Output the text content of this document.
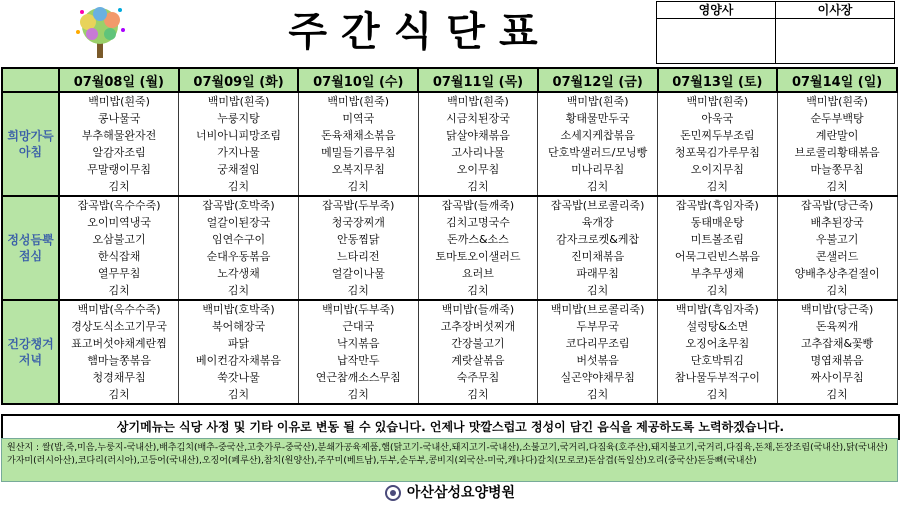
주간식단표	영양사	이사장

	07월08일 (월)	07월09일 (화)	07월10일 (수)	07월11일 (목)	07월12일 (금)	07월13일 (토)	07월14일 (일)
희망가득 아침	백미밥(흰죽)	백미밥(흰죽)	백미밥(흰죽)	백미밥(흰죽)	백미밥(흰죽)	백미밥(흰죽)	백미밥(흰죽)
	콩나물국	누룽지탕	미역국	시금치된장국	황태물만두국	아욱국	순두부백탕
	부추해물완자전	너비아니피망조림	돈육채채소볶음	닭살야채볶음	소세지케찹볶음	돈민찌두부조림	계란말이
	알감자조림	가지나물	메밀들기름무침	고사리나물	단호박샐러드/모닝빵	청포묵김가루무침	브로콜리황태볶음
	무말랭이무침	궁채절임	오복지무침	오이무침	미나리무침	오이지무침	마늘쫑무침
	김치	김치	김치	김치	김치	김치	김치
정성듬뿍 점심	잡곡밥(옥수수죽)	잡곡밥(호박죽)	잡곡밥(두부죽)	잡곡밥(들깨죽)	잡곡밥(브로콜리죽)	잡곡밥(흑임자죽)	잡곡밥(당근죽)
	오이미역냉국	얼갈이된장국	청국장찌개	김치고명국수	육개장	동태매운탕	배추된장국
	오삼불고기	임연수구이	안동찜닭	돈까스&소스	감자크로켓&케찹	미트볼조림	우불고기
	한식잡채	순대우동볶음	느타리전	토마토오이샐러드	진미채볶음	어묵그린빈스볶음	콘샐러드
	열무무침	노각생채	얼갈이나물	요러브	파래무침	부추무생채	양배추상추겉절이
	김치	김치	김치	김치	김치	김치	김치
건강챙겨 저녁	백미밥(옥수수죽)	백미밥(호박죽)	백미밥(두부죽)	백미밥(들깨죽)	백미밥(브로콜리죽)	백미밥(흑임자죽)	백미밥(당근죽)
	경상도식소고기무국	북어해장국	근대국	고추장버섯찌개	두부무국	설렁탕&소면	돈육찌개
	표고버섯야채계란찜	파닭	낙지볶음	간장불고기	코다리무조림	오징어초무침	고추잡채&꽃빵
	햄마늘쫑볶음	베이컨감자채볶음	납작만두	계랏살볶음	버섯볶음	단호박튀김	명엽채볶음
	청경채무침	쑥갓나물	연근참깨소스무침	숙주무침	실곤약야채무침	참나물두부적구이	짜사이무침
	김치	김치	김치	김치	김치	김치	김치
상기메뉴는 식당 사정 및 기타 이유로 변동 될 수 있습니다. 언제나 맛깔스럽고 정성이 담긴 음식을 제공하도록 노력하겠습니다.
원산지 : 쌀(밥,죽,미음,누룽지-국내산),배추김치(배추-중국산,고춧가루-중국산),분쇄가공육제품,햄(닭고기-국내산,돼지고기-국내산),소불고기,국거리,다짐육(호주산),돼지불고기,국거리,다짐육,돈채,돈장조림(국내산),닭(국내산)가자미(러시아산),코다리(러시아),고등어(국내산),오징어(페루산),참치(원양산),주꾸미(베트남),두부,순두부,콩비지(외국산-미국,캐나다)갈치(모로코)돈삼겹(독일산)오리(중국산)돈등뼈(국내산)
아산삼성요양병원
